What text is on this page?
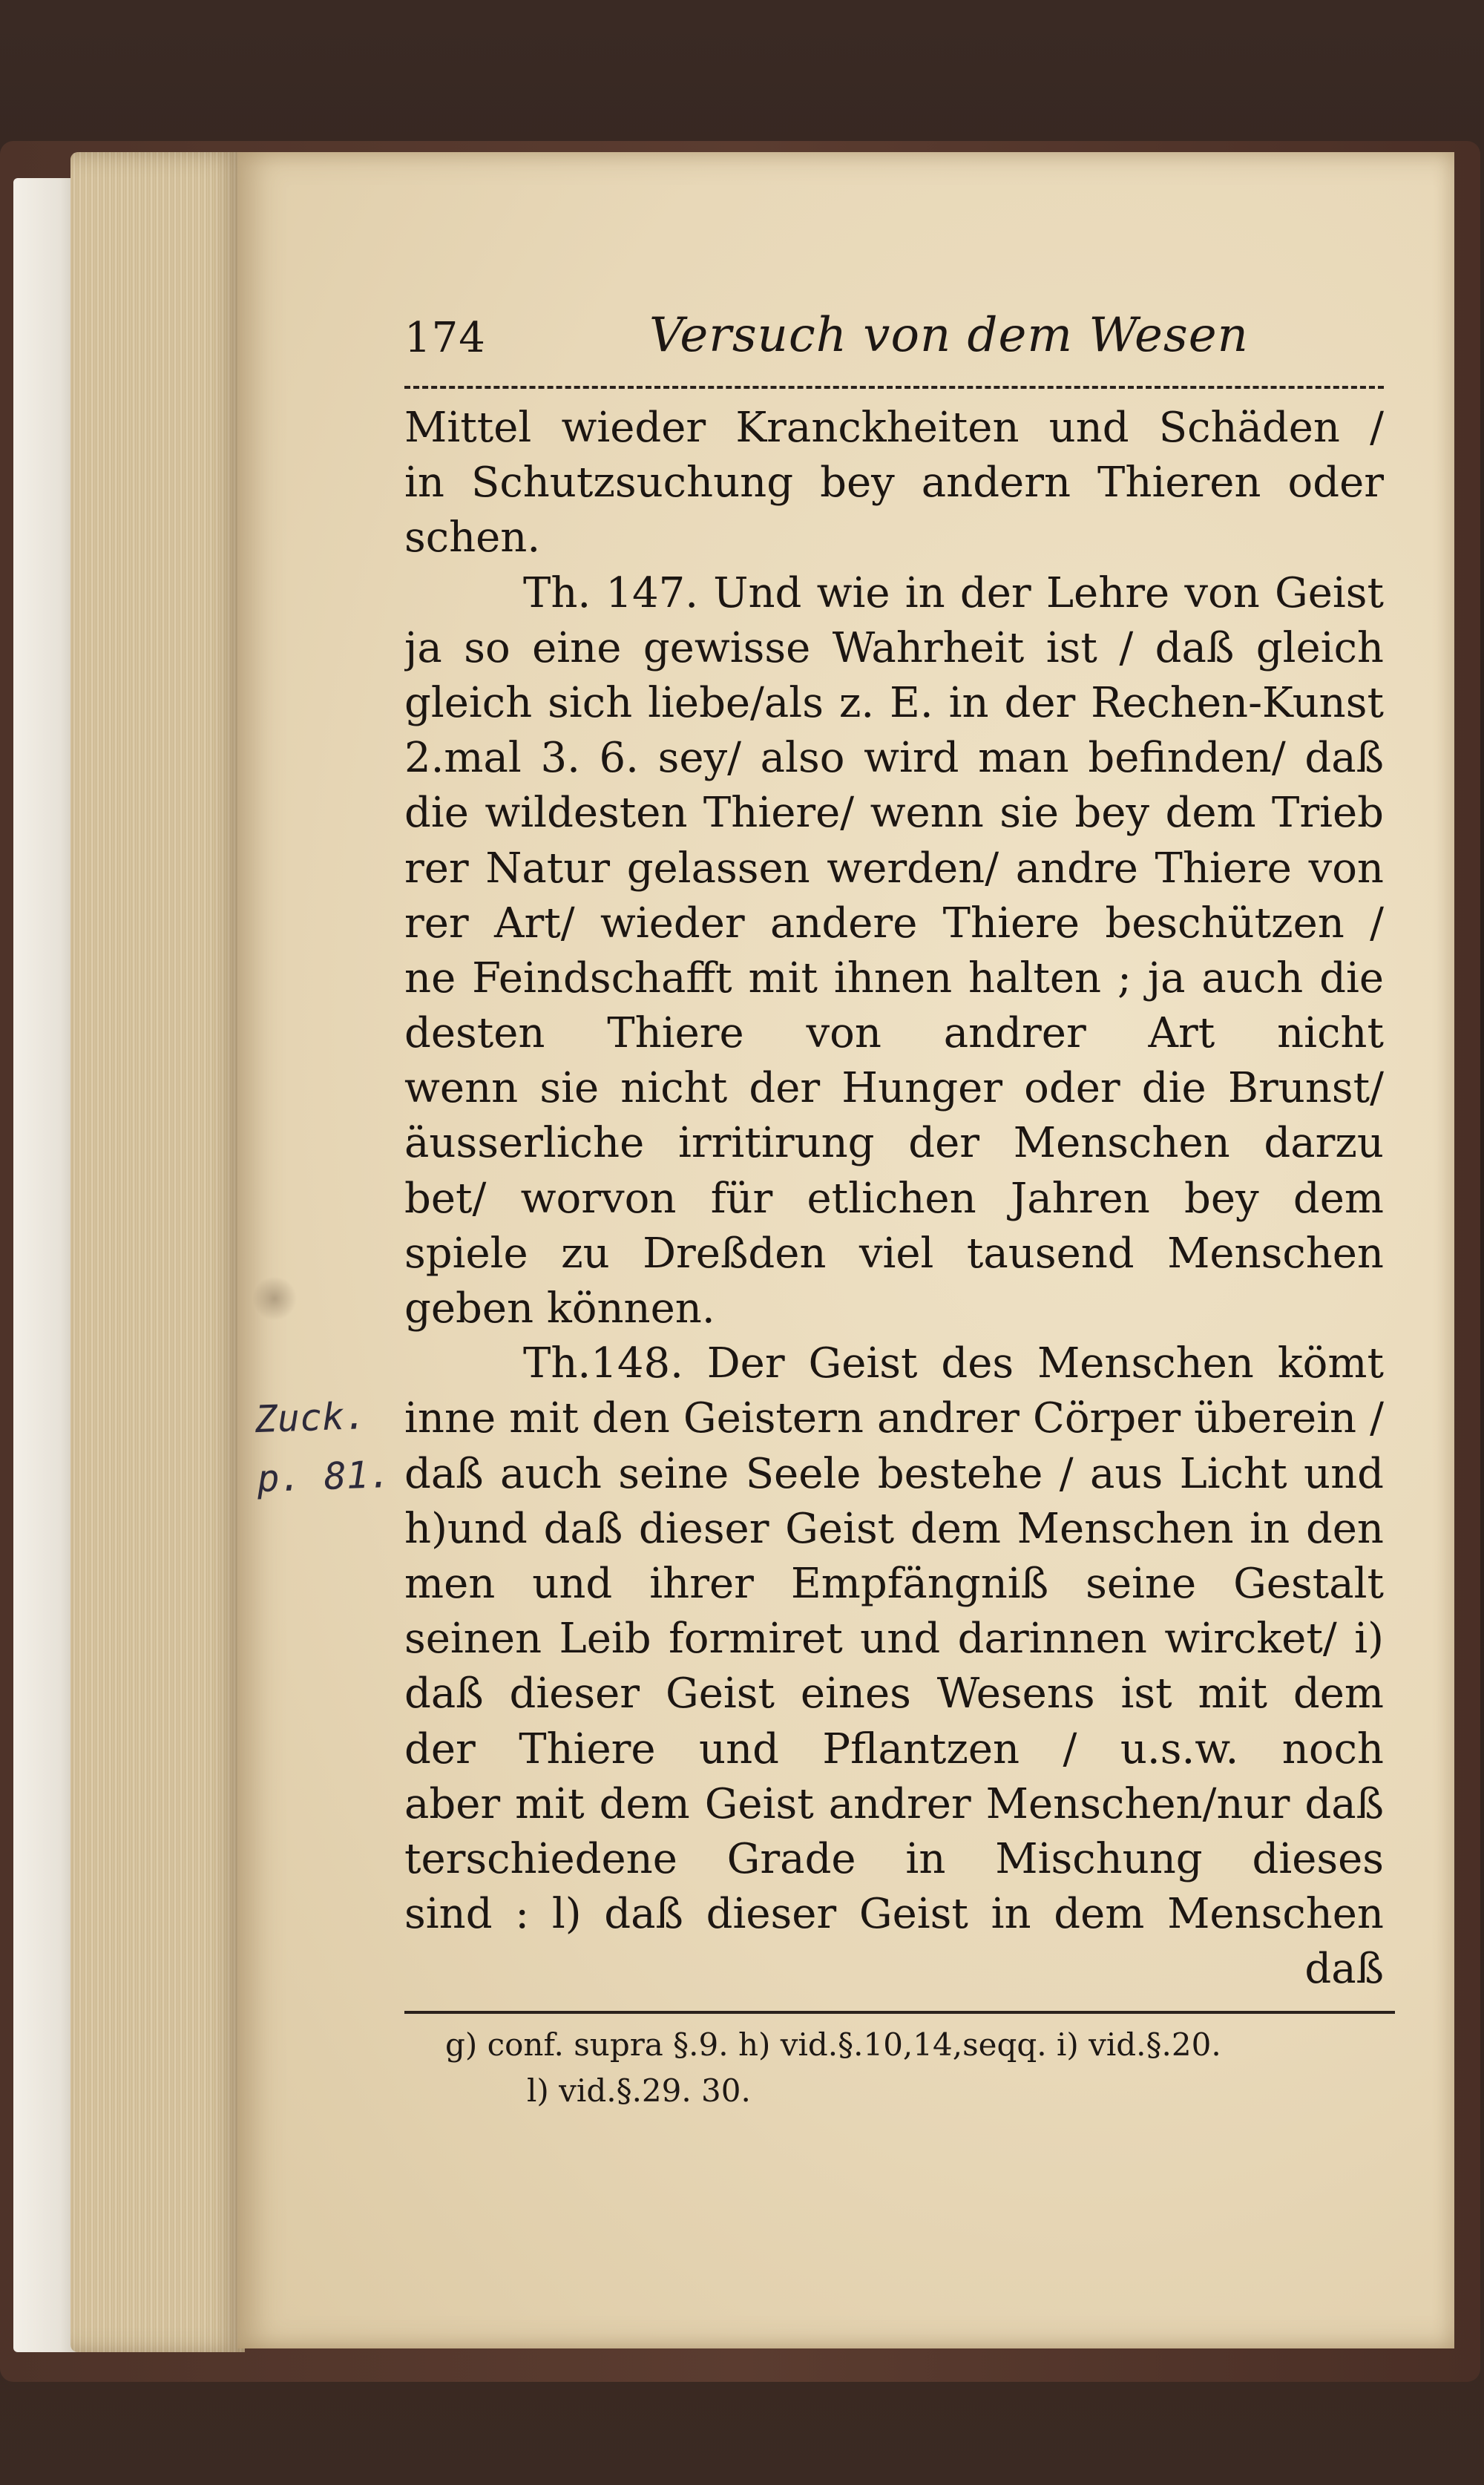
174	Versuch von dem Wesen
Mittel wieder Kranckheiten und Schäden /
in Schutzsuchung bey andern Thieren oder
schen.
Th. 147. Und wie in der Lehre von Geist
ja so eine gewisse Wahrheit ist / daß gleich
gleich sich liebe/als z. E. in der Rechen-Kunst
2.mal 3. 6. sey/ also wird man befinden/ daß
die wildesten Thiere/ wenn sie bey dem Trieb
rer Natur gelassen werden/ andre Thiere von
rer Art/ wieder andere Thiere beschützen /
ne Feindschafft mit ihnen halten ; ja auch die
desten Thiere von andrer Art nicht
wenn sie nicht der Hunger oder die Brunst/
äusserliche irritirung der Menschen darzu
bet/ worvon für etlichen Jahren bey dem
spiele zu Dreßden viel tausend Menschen
geben können.
Th.148. Der Geist des Menschen kömt
inne mit den Geistern andrer Cörper überein /
daß auch seine Seele bestehe / aus Licht und
h)und daß dieser Geist dem Menschen in den
men und ihrer Empfängniß seine Gestalt
seinen Leib formiret und darinnen wircket/ i)
daß dieser Geist eines Wesens ist mit dem
der Thiere und Pflantzen / u.s.w. noch
aber mit dem Geist andrer Menschen/nur daß
terschiedene Grade in Mischung dieses
sind : l) daß dieser Geist in dem Menschen
daß
g) conf. supra §.9. h) vid.§.10,14,seqq. i) vid.§.20.
l) vid.§.29. 30.
Zuck.
p. 81.
